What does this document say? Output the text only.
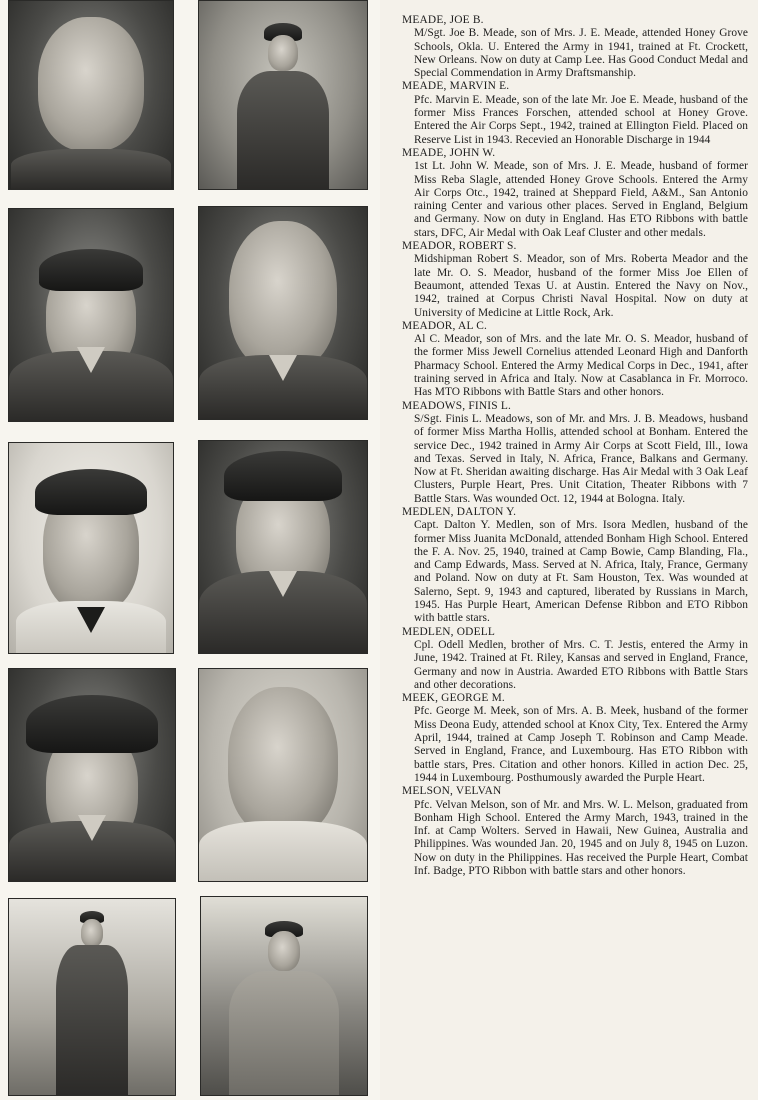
MEADE, JOE B.
M/Sgt. Joe B. Meade, son of Mrs. J. E. Meade, attended Honey Grove Schools, Okla. U. Entered the Army in 1941, trained at Ft. Crockett, New Orleans. Now on duty at Camp Lee. Has Good Conduct Medal and Special Commendation in Army Draftsmanship.
MEADE, MARVIN E.
Pfc. Marvin E. Meade, son of the late Mr. Joe E. Meade, husband of the former Miss Frances Forschen, attended school at Honey Grove. Entered the Air Corps Sept., 1942, trained at Ellington Field. Placed on Reserve List in 1943. Recevied an Honorable Discharge in 1944
MEADE, JOHN W.
1st Lt. John W. Meade, son of Mrs. J. E. Meade, husband of former Miss Reba Slagle, attended Honey Grove Schools. Entered the Army Air Corps Otc., 1942, trained at Sheppard Field, A&M., San Antonio raining Center and various other places. Served in England, Belgium and Germany. Now on duty in England. Has ETO Ribbons with battle stars, DFC, Air Medal with Oak Leaf Cluster and other medals.
MEADOR, ROBERT S.
Midshipman Robert S. Meador, son of Mrs. Roberta Meador and the late Mr. O. S. Meador, husband of the former Miss Joe Ellen of Beaumont, attended Texas U. at Austin. Entered the Navy on Nov., 1942, trained at Corpus Christi Naval Hospital. Now on duty at University of Medicine at Little Rock, Ark.
MEADOR, AL C.
Al C. Meador, son of Mrs. and the late Mr. O. S. Meador, husband of the former Miss Jewell Cornelius attended Leonard High and Danforth Pharmacy School. Entered the Army Medical Corps in Dec., 1941, after training served in Africa and Italy. Now at Casablanca in Fr. Morroco. Has MTO Ribbons with Battle Stars and other honors.
MEADOWS, FINIS L.
S/Sgt. Finis L. Meadows, son of Mr. and Mrs. J. B. Meadows, husband of former Miss Martha Hollis, attended school at Bonham. Entered the service Dec., 1942 trained in Army Air Corps at Scott Field, Ill., Iowa and Texas. Served in Italy, N. Africa, France, Balkans and Germany. Now at Ft. Sheridan awaiting discharge. Has Air Medal with 3 Oak Leaf Clusters, Purple Heart, Pres. Unit Citation, Theater Ribbons with 7 Battle Stars. Was wounded Oct. 12, 1944 at Bologna. Italy.
MEDLEN, DALTON Y.
Capt. Dalton Y. Medlen, son of Mrs. Isora Medlen, husband of the former Miss Juanita McDonald, attended Bonham High School. Entered the F. A. Nov. 25, 1940, trained at Camp Bowie, Camp Blanding, Fla., and Camp Edwards, Mass. Served at N. Africa, Italy, France, Germany and Poland. Now on duty at Ft. Sam Houston, Tex. Was wounded at Salerno, Sept. 9, 1943 and captured, liberated by Russians in March, 1945. Has Purple Heart, American Defense Ribbon and ETO Ribbon with battle stars.
MEDLEN, ODELL
Cpl. Odell Medlen, brother of Mrs. C. T. Jestis, entered the Army in June, 1942. Trained at Ft. Riley, Kansas and served in England, France, Germany and now in Austria. Awarded ETO Ribbons with Battle Stars and other decorations.
MEEK, GEORGE M.
Pfc. George M. Meek, son of Mrs. A. B. Meek, husband of the former Miss Deona Eudy, attended school at Knox City, Tex. Entered the Army April, 1944, trained at Camp Joseph T. Robinson and Camp Meade. Served in England, France, and Luxembourg. Has ETO Ribbon with battle stars, Pres. Citation and other honors. Killed in action Dec. 25, 1944 in Luxembourg. Posthumously awarded the Purple Heart.
MELSON, VELVAN
Pfc. Velvan Melson, son of Mr. and Mrs. W. L. Melson, graduated from Bonham High School. Entered the Army March, 1943, trained in the Inf. at Camp Wolters. Served in Hawaii, New Guinea, Australia and Philippines. Was wounded Jan. 20, 1945 and on July 8, 1945 on Luzon. Now on duty in the Philippines. Has received the Purple Heart, Combat Inf. Badge, PTO Ribbon with battle stars and other honors.
